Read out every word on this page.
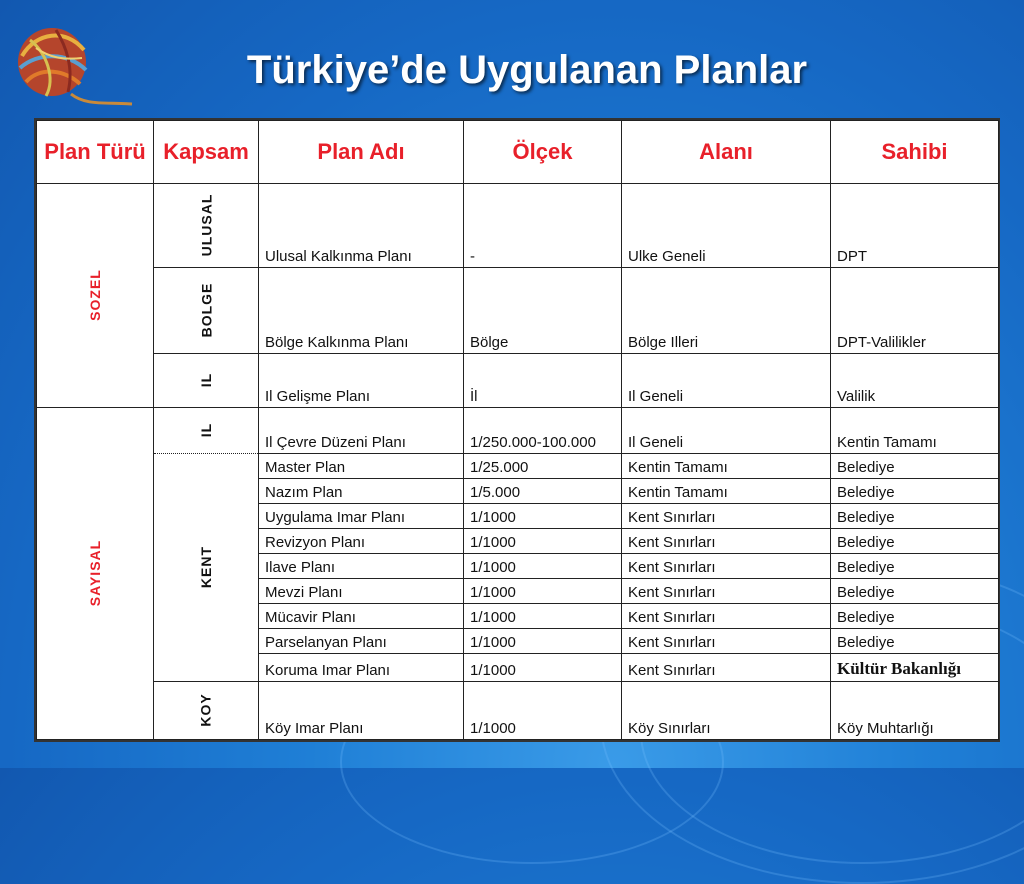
Türkiye’de Uygulanan Planlar
Plan Türü	Kapsam	Plan Adı	Ölçek	Alanı	Sahibi
SOZEL	ULUSAL	Ulusal Kalkınma Planı	-	Ulke Geneli	DPT
	BOLGE	Bölge Kalkınma Planı	Bölge	Bölge Illeri	DPT-Valilikler
	IL	Il Gelişme Planı	İl	Il Geneli	Valilik
SAYISAL	IL	Il Çevre Düzeni Planı	1/250.000-100.000	Il Geneli	Kentin Tamamı
	KENT	Master Plan	1/25.000	Kentin Tamamı	Belediye
		Nazım Plan	1/5.000	Kentin Tamamı	Belediye
		Uygulama Imar Planı	1/1000	Kent Sınırları	Belediye
		Revizyon Planı	1/1000	Kent Sınırları	Belediye
		Ilave Planı	1/1000	Kent Sınırları	Belediye
		Mevzi Planı	1/1000	Kent Sınırları	Belediye
		Mücavir Planı	1/1000	Kent Sınırları	Belediye
		Parselanyan Planı	1/1000	Kent Sınırları	Belediye
		Koruma Imar Planı	1/1000	Kent Sınırları	Kültür Bakanlığı
	KOY	Köy Imar Planı	1/1000	Köy Sınırları	Köy Muhtarlığı
